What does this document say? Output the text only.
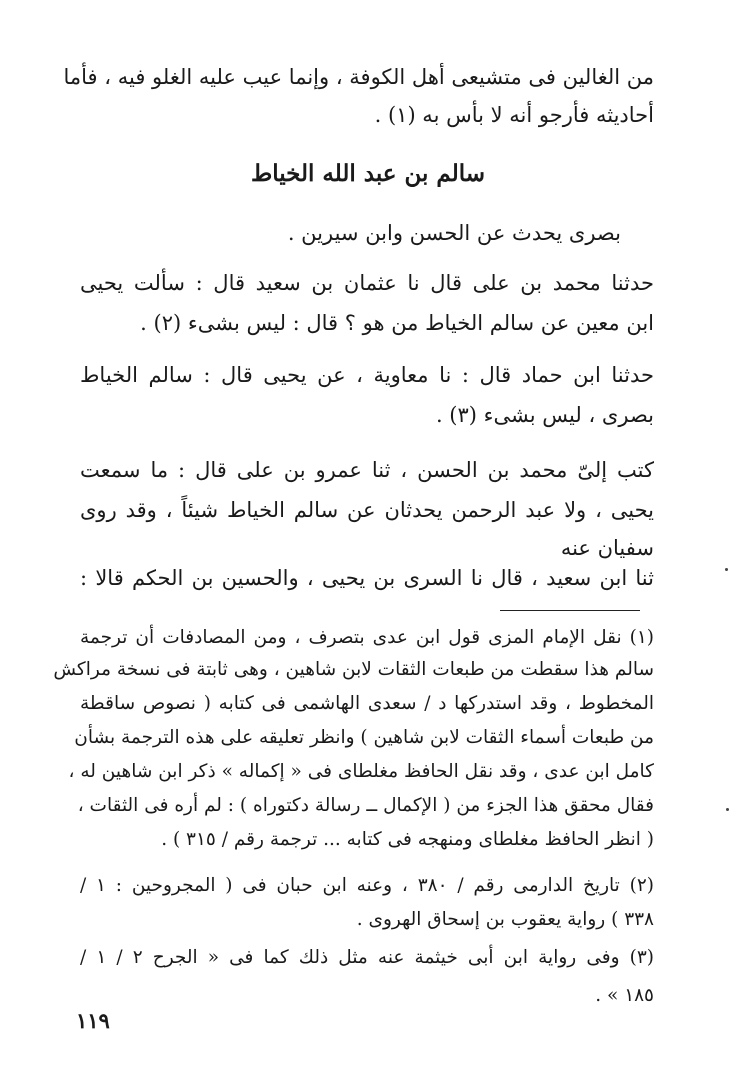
من الغالين فى متشيعى أهل الكوفة ، وإنما عيب عليه الغلو فيه ، فأما
أحاديثه فأرجو أنه لا بأس به (١) .
سالم بن عبد الله الخياط
بصرى يحدث عن الحسن وابن سيرين .
حدثنا محمد بن على قال نا عثمان بن سعيد قال : سألت يحيى
ابن معين عن سالم الخياط من هو ؟ قال : ليس بشىء (٢) .
حدثنا ابن حماد قال : نا معاوية ، عن يحيى قال : سالم الخياط
بصرى ، ليس بشىء (٣) .
كتب إلىّ محمد بن الحسن ، ثنا عمرو بن على قال : ما سمعت
يحيى ، ولا عبد الرحمن يحدثان عن سالم الخياط شيئاً ، وقد روى
سفيان عنه
ثنا ابن سعيد ، قال نا السرى بن يحيى ، والحسين بن الحكم قالا :
(١) نقل الإمام المزى قول ابن عدى بتصرف ، ومن المصادفات أن ترجمة
سالم هذا سقطت من طبعات الثقات لابن شاهين ، وهى ثابتة فى نسخة مراكش
المخطوط ، وقد استدركها د / سعدى الهاشمى فى كتابه ( نصوص ساقطة
من طبعات أسماء الثقات لابن شاهين ) وانظر تعليقه على هذه الترجمة بشأن
كامل ابن عدى ، وقد نقل الحافظ مغلطاى فى « إكماله » ذكر ابن شاهين له ،
فقال محقق هذا الجزء من ( الإكمال ــ رسالة دكتوراه ) : لم أره فى الثقات ،
( انظر الحافظ مغلطاى ومنهجه فى كتابه ... ترجمة رقم / ٣١٥ ) .
(٢) تاريخ الدارمى رقم / ٣٨٠ ، وعنه ابن حبان فى ( المجروحين : ١ /
٣٣٨ ) رواية يعقوب بن إسحاق الهروى .
(٣) وفى رواية ابن أبى خيثمة عنه مثل ذلك كما فى « الجرح ٢ / ١ /
١٨٥ » .
١١٩
